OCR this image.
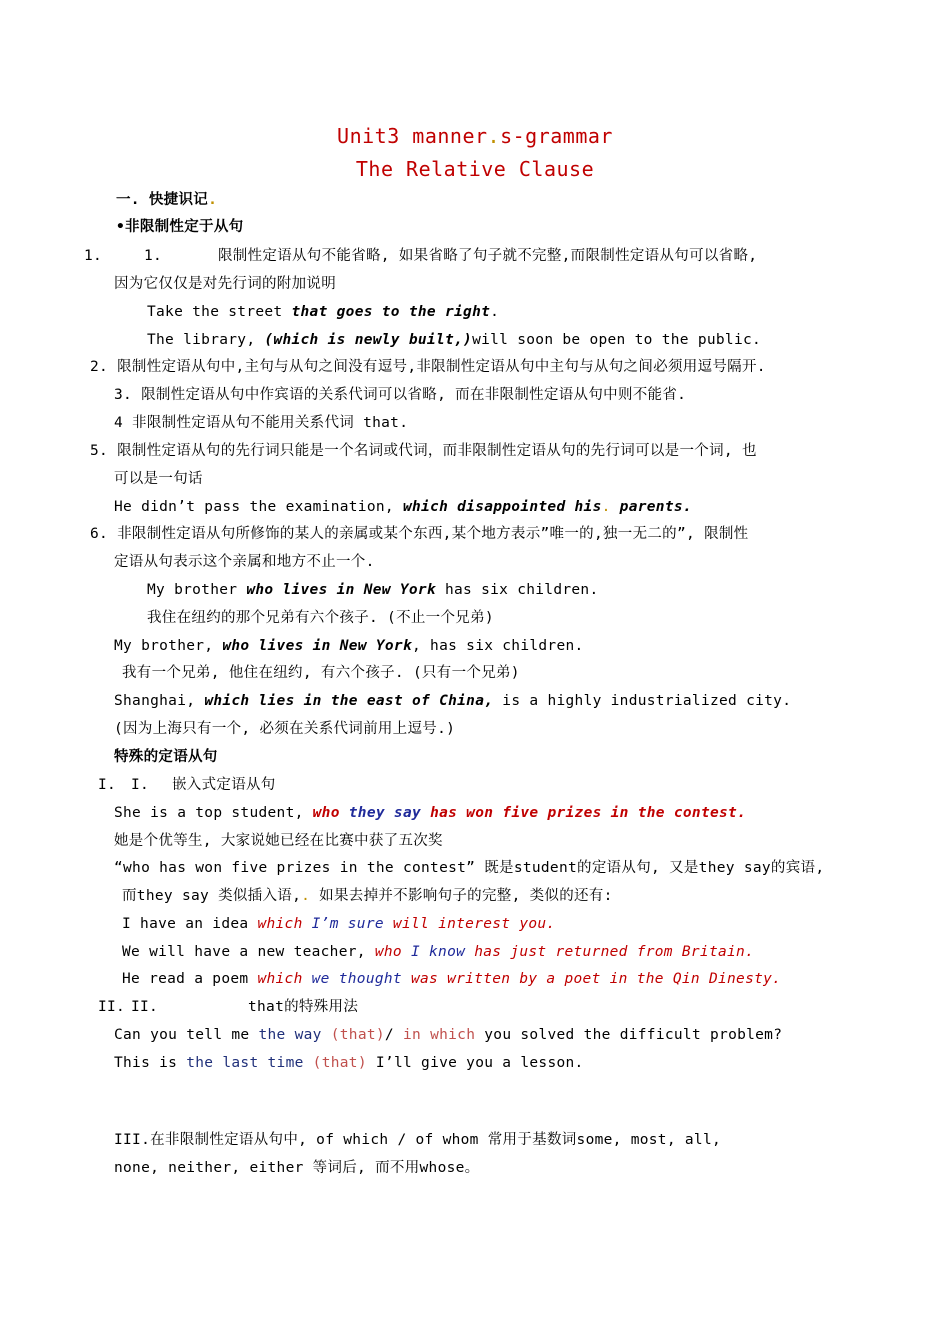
Unit3 manner.s-grammar
The Relative Clause
一. 快捷识记.
•非限制性定于从句
1.	1.	限制性定语从句不能省略, 如果省略了句子就不完整,而限制性定语从句可以省略,
因为它仅仅是对先行词的附加说明
Take the street that goes to the right.
The library, (which is newly built,)will soon be open to the public.
2. 限制性定语从句中,主句与从句之间没有逗号,非限制性定语从句中主句与从句之间必须用逗号隔开.
3. 限制性定语从句中作宾语的关系代词可以省略, 而在非限制性定语从句中则不能省.
4 非限制性定语从句不能用关系代词 that.
5. 限制性定语从句的先行词只能是一个名词或代词，而非限制性定语从句的先行词可以是一个词, 也
可以是一句话
He didn’t pass the examination, which disappointed his. parents.
6. 非限制性定语从句所修饰的某人的亲属或某个东西,某个地方表示”唯一的,独一无二的”, 限制性
定语从句表示这个亲属和地方不止一个.
My brother who lives in New York has six children.
我住在纽约的那个兄弟有六个孩子. (不止一个兄弟)
My brother, who lives in New York, has six children.
我有一个兄弟, 他住在纽约, 有六个孩子. (只有一个兄弟)
Shanghai, which lies in the east of China, is a highly industrialized city.
(因为上海只有一个, 必须在关系代词前用上逗号.)
特殊的定语从句
I. I. 嵌入式定语从句
She is a top student, who they say has won five prizes in the contest.
她是个优等生, 大家说她已经在比赛中获了五次奖
“who has won five prizes in the contest” 既是student的定语从句, 又是they say的宾语,
而they say 类似插入语,. 如果去掉并不影响句子的完整, 类似的还有:
I have an idea which I’m sure will interest you.
We will have a new teacher, who I know has just returned from Britain.
He read a poem which we thought was written by a poet in the Qin Dinesty.
II. II.	that的特殊用法
Can you tell me the way (that)/ in which you solved the difficult problem?
This is the last time (that) I’ll give you a lesson.
III.在非限制性定语从句中, of which / of whom 常用于基数词some, most, all,
none, neither, either 等词后, 而不用whose。
